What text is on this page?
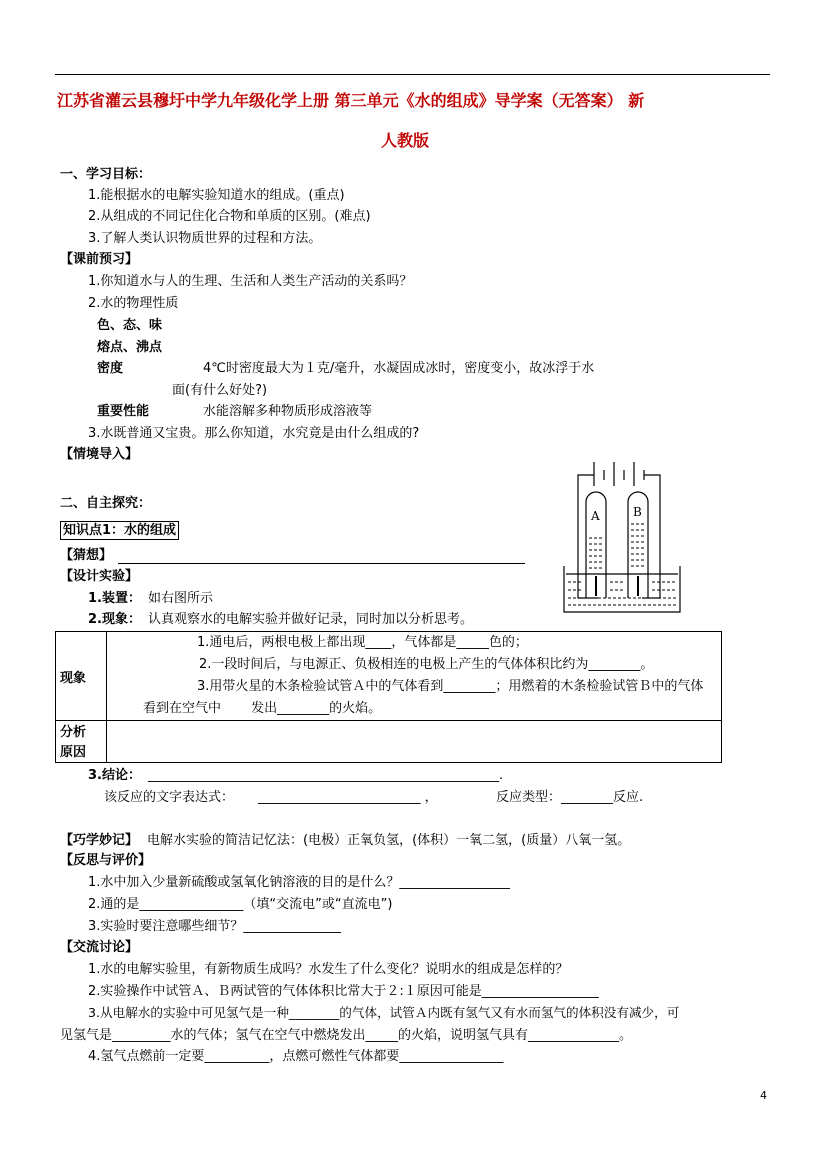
江苏省灌云县穆圩中学九年级化学上册 第三单元《水的组成》导学案（无答案） 新
人教版
一、学习目标：
1.能根据水的电解实验知道水的组成。(重点)
2.从组成的不同记住化合物和单质的区别。(难点)
3.了解人类认识物质世界的过程和方法。
【课前预习】
1.你知道水与人的生理、生活和人类生产活动的关系吗？
2.水的物理性质
色、态、味
熔点、沸点
密度	4℃时密度最大为１克/毫升，水凝固成冰时，密度变小，故冰浮于水
面(有什么好处?)
重要性能	水能溶解多种物质形成溶液等
3.水既普通又宝贵。那么你知道，水究竟是由什么组成的?
【情境导入】
二、自主探究：
知识点1：水的组成
【猜想】
【设计实验】
1.装置： 如右图所示
2.现象： 认真观察水的电解实验并做好记录，同时加以分析思考。
A	B
现象	1.通电后，两根电极上都出现____，气体都是_____色的；
2.一段时间后，与电源正、负极相连的电极上产生的气体体积比约为________。
3.用带火星的木条检验试管Ａ中的气体看到________；用燃着的木条检验试管Ｂ中的气体
看到在空气中　　 发出________的火焰。

分析
原因	

3.结论： ______________________________________________________.
该反应的文字表达式： _________________________ ，	反应类型：________反应.
【巧学妙记】 电解水实验的简洁记忆法：(电极）正氧负氢，(体积）一氧二氢，(质量）八氧一氢。
【反思与评价】
1.水中加入少量新硫酸或氢氧化钠溶液的目的是什么？_________________
2.通的是________________（填“交流电”或“直流电”)
3.实验时要注意哪些细节？_______________
【交流讨论】
1.水的电解实验里，有新物质生成吗？水发生了什么变化？说明水的组成是怎样的？
2.实验操作中试管Ａ、Ｂ两试管的气体体积比常大于２:１原因可能是__________________
3.从电解水的实验中可见氢气是一种________的气体，试管Ａ内既有氢气又有水而氢气的体积没有减少，可
见氢气是_________水的气体；氢气在空气中燃烧发出_____的火焰，说明氢气具有______________。
4.氢气点燃前一定要__________，点燃可燃性气体都要________________
4
